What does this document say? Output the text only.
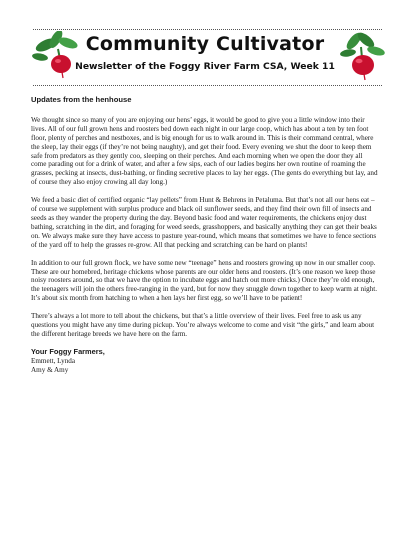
Community Cultivator
Newsletter of the Foggy River Farm CSA, Week 11
Updates from the henhouse

We thought since so many of you are enjoying our hens’ eggs, it would be good to give you a little window into their lives. All of our full grown hens and roosters bed down each night in our large coop, which has about a ten by ten foot floor, plenty of perches and nestboxes, and is big enough for us to walk around in. This is their command central, where the sleep, lay their eggs (if they’re not being naughty), and get their food. Every evening we shut the door to keep them safe from predators as they gently coo, sleeping on their perches. And each morning when we open the door they all come parading out for a drink of water, and after a few sips, each of our ladies begins her own routine of roaming the grasses, pecking at insects, dust-bathing, or finding secretive places to lay her eggs. (The gents do everything but lay, and of course they also enjoy crowing all day long.)

We feed a basic diet of certified organic “lay pellets” from Hunt & Behrens in Petaluma. But that’s not all our hens eat – of course we supplement with surplus produce and black oil sunflower seeds, and they find their own fill of insects and seeds as they wander the property during the day. Beyond basic food and water requirements, the chickens enjoy dust bathing, scratching in the dirt, and foraging for weed seeds, grasshoppers, and basically anything they can get their beaks on. We always make sure they have access to pasture year-round, which means that sometimes we have to fence sections of the yard off to help the grasses re-grow. All that pecking and scratching can be hard on plants!

In addition to our full grown flock, we have some new “teenage” hens and roosters growing up now in our smaller coop. These are our homebred, heritage chickens whose parents are our older hens and roosters. (It’s one reason we keep those noisy roosters around, so that we have the option to incubate eggs and hatch out more chicks.) Once they’re old enough, the teenagers will join the others free-ranging in the yard, but for now they snuggle down together to keep warm at night. It’s about six month from hatching to when a hen lays her first egg, so we’ll have to be patient!

There’s always a lot more to tell about the chickens, but that’s a little overview of their lives. Feel free to ask us any questions you might have any time during pickup. You’re always welcome to come and visit “the girls,” and learn about the different heritage breeds we have here on the farm.

Your Foggy Farmers,
Emmett, Lynda
Amy & Amy
